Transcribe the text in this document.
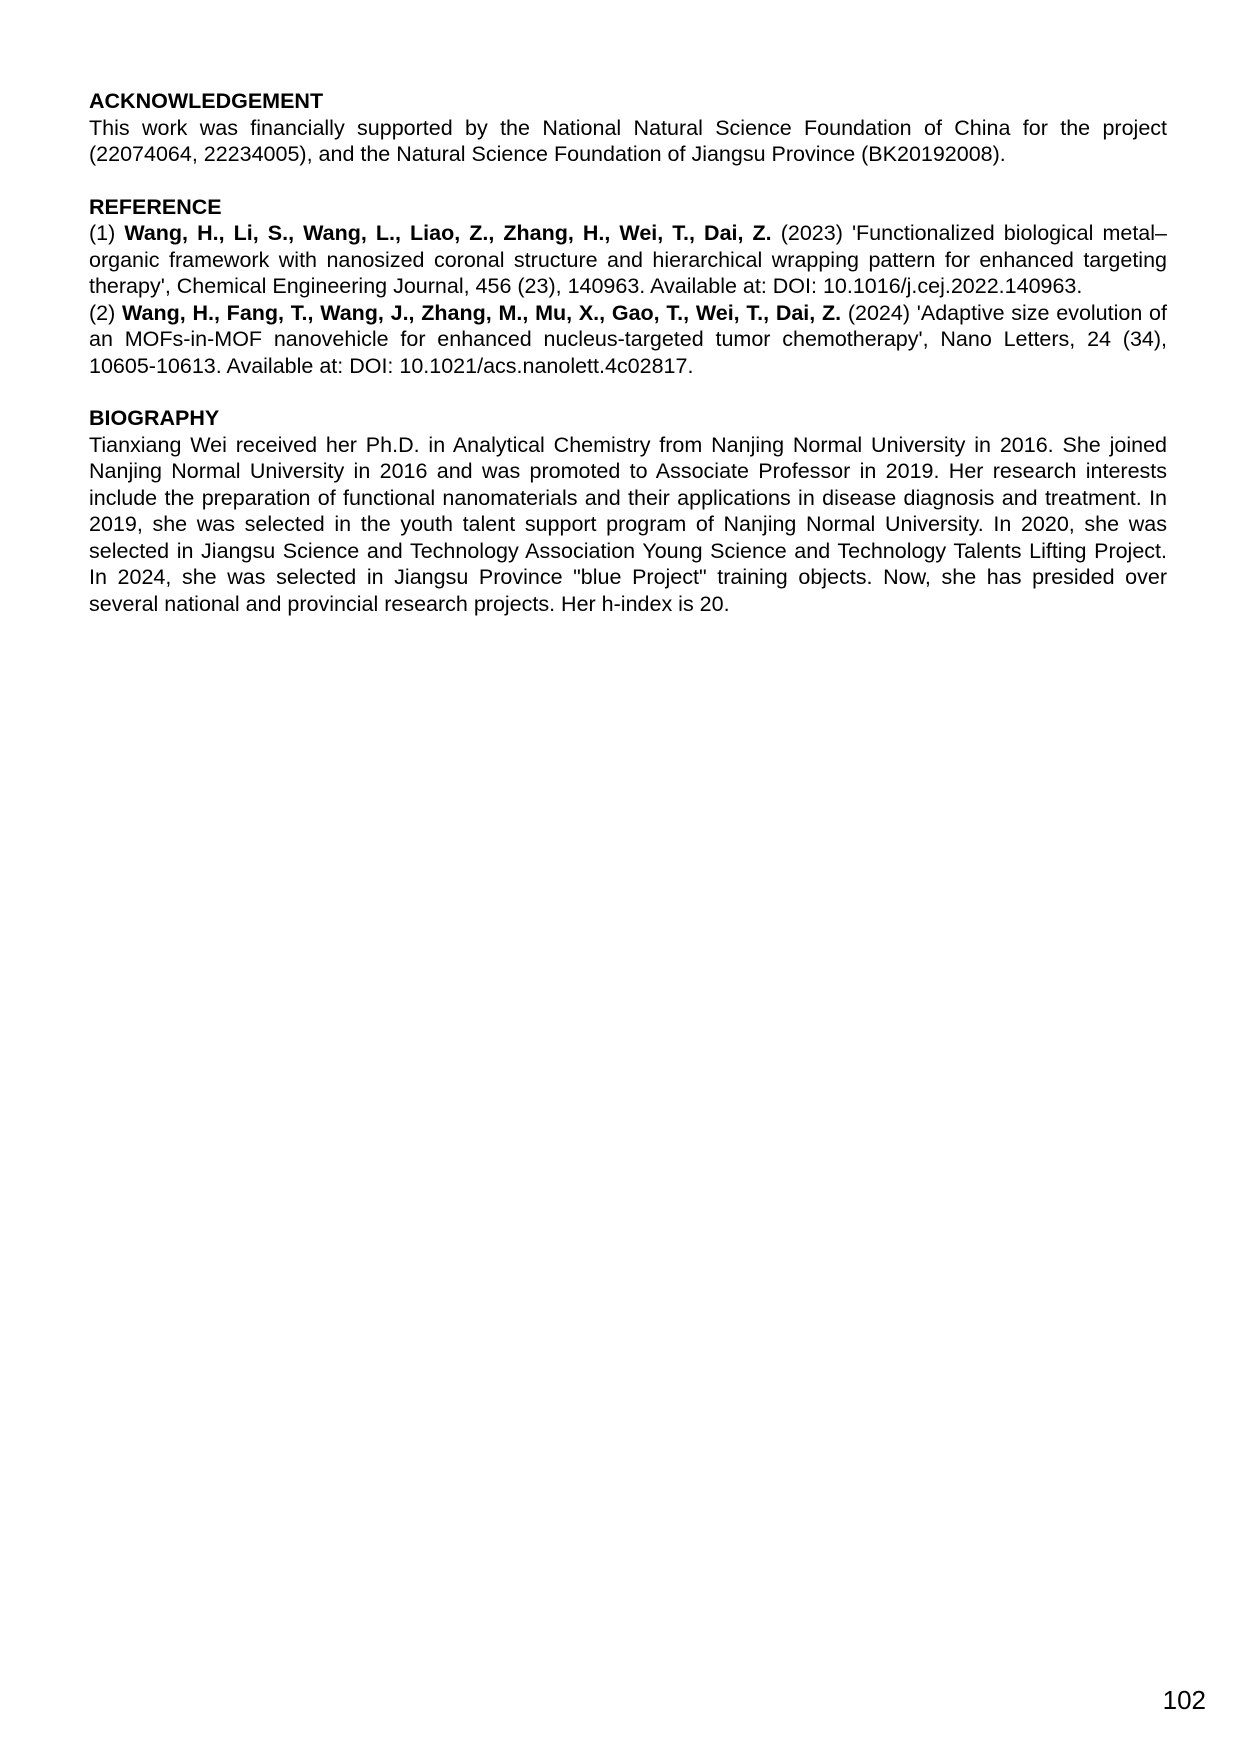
ACKNOWLEDGEMENT

This work was financially supported by the National Natural Science Foundation of China for the project (22074064, 22234005), and the Natural Science Foundation of Jiangsu Province (BK20192008).

REFERENCE

(1) Wang, H., Li, S., Wang, L., Liao, Z., Zhang, H., Wei, T., Dai, Z. (2023) 'Functionalized biological metal–organic framework with nanosized coronal structure and hierarchical wrapping pattern for enhanced targeting therapy', Chemical Engineering Journal, 456 (23), 140963. Available at: DOI: 10.1016/j.cej.2022.140963.

(2) Wang, H., Fang, T., Wang, J., Zhang, M., Mu, X., Gao, T., Wei, T., Dai, Z. (2024) 'Adaptive size evolution of an MOFs-in-MOF nanovehicle for enhanced nucleus-targeted tumor chemotherapy', Nano Letters, 24 (34), 10605-10613. Available at: DOI: 10.1021/acs.nanolett.4c02817.

BIOGRAPHY

Tianxiang Wei received her Ph.D. in Analytical Chemistry from Nanjing Normal University in 2016. She joined Nanjing Normal University in 2016 and was promoted to Associate Professor in 2019. Her research interests include the preparation of functional nanomaterials and their applications in disease diagnosis and treatment. In 2019, she was selected in the youth talent support program of Nanjing Normal University. In 2020, she was selected in Jiangsu Science and Technology Association Young Science and Technology Talents Lifting Project. In 2024, she was selected in Jiangsu Province "blue Project" training objects. Now, she has presided over several national and provincial research projects. Her h-index is 20.

102
